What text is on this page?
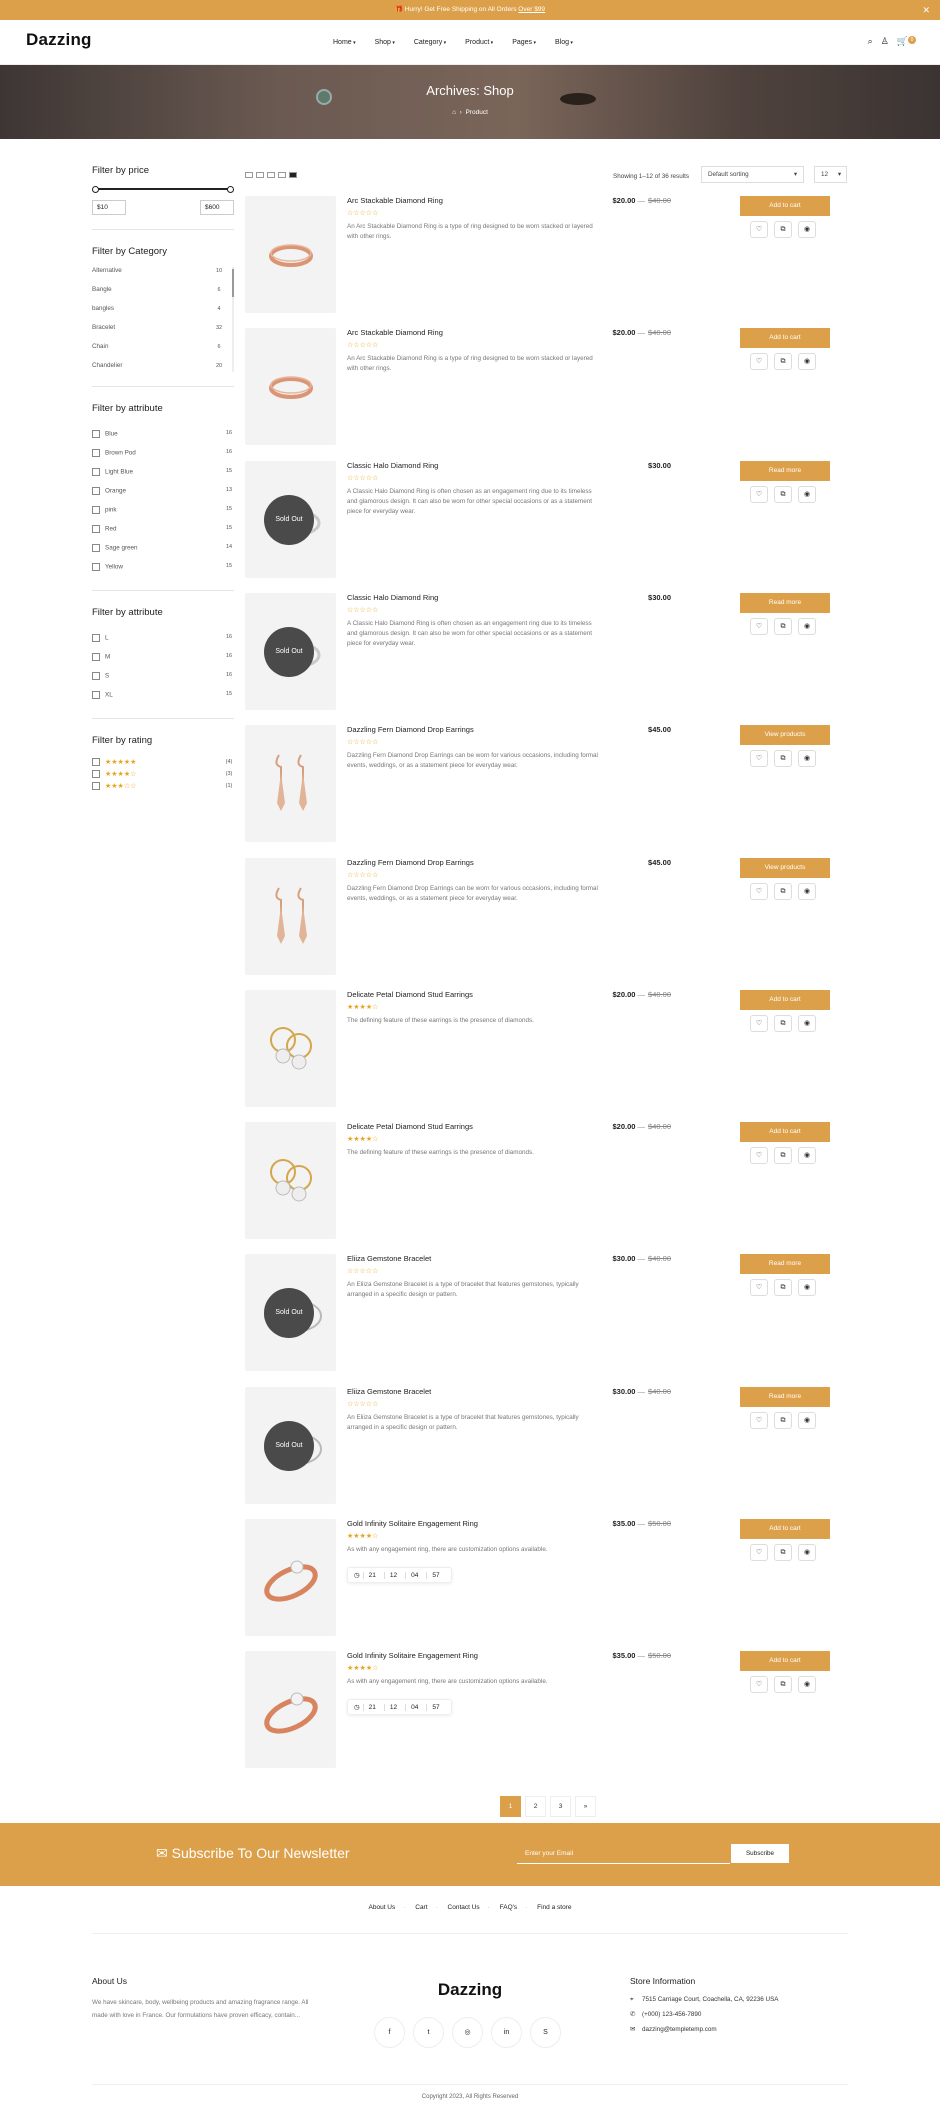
🎁 Hurry! Get Free Shipping on All Orders Over $99	✕
Dazzing	Home ▾	Shop ▾	Category ▾	Product ▾	Pages ▾	Blog ▾	⌕ ♙ 🛒 0
Archives: Shop
⌂ › Product
Filter by price
$10	$600
Filter by Category
Alternative	10
Bangle	6
bangles	4
Bracelet	32
Chain	6
Chandelier	20
Filter by attribute
Blue	16
Brown Pod	16
Light Blue	15
Orange	13
pink	15
Red	15
Sage green	14
Yellow	15
Filter by attribute
L	16
M	16
S	16
XL	15
Filter by rating
★★★★★	(4)
★★★★☆	(3)
★★★☆☆	(1)
Showing 1–12 of 36 results	Default sorting	▾	12 ▾
Arc Stackable Diamond Ring
☆☆☆☆☆
An Arc Stackable Diamond Ring is a type of ring designed to be worn stacked or layered with other rings.
$20.00 — $40.00
Add to cart
♡	⧉	◉
Arc Stackable Diamond Ring
☆☆☆☆☆
An Arc Stackable Diamond Ring is a type of ring designed to be worn stacked or layered with other rings.
$20.00 — $40.00
Add to cart
♡	⧉	◉
Sold Out
Classic Halo Diamond Ring
☆☆☆☆☆
A Classic Halo Diamond Ring is often chosen as an engagement ring due to its timeless and glamorous design. It can also be worn for other special occasions or as a statement piece for everyday wear.
$30.00
Read more
♡	⧉	◉
Sold Out
Classic Halo Diamond Ring
☆☆☆☆☆
A Classic Halo Diamond Ring is often chosen as an engagement ring due to its timeless and glamorous design. It can also be worn for other special occasions or as a statement piece for everyday wear.
$30.00
Read more
♡	⧉	◉
Dazzling Fern Diamond Drop Earrings
☆☆☆☆☆
Dazzling Fern Diamond Drop Earrings can be worn for various occasions, including formal events, weddings, or as a statement piece for everyday wear.
$45.00
View products
♡	⧉	◉
Dazzling Fern Diamond Drop Earrings
☆☆☆☆☆
Dazzling Fern Diamond Drop Earrings can be worn for various occasions, including formal events, weddings, or as a statement piece for everyday wear.
$45.00
View products
♡	⧉	◉
Delicate Petal Diamond Stud Earrings
★★★★☆
The defining feature of these earrings is the presence of diamonds.
$20.00 — $40.00
Add to cart
♡	⧉	◉
Delicate Petal Diamond Stud Earrings
★★★★☆
The defining feature of these earrings is the presence of diamonds.
$20.00 — $40.00
Add to cart
♡	⧉	◉
Sold Out
Eliiza Gemstone Bracelet
☆☆☆☆☆
An Eliiza Gemstone Bracelet is a type of bracelet that features gemstones, typically arranged in a specific design or pattern.
$30.00 — $40.00
Read more
♡	⧉	◉
Sold Out
Eliiza Gemstone Bracelet
☆☆☆☆☆
An Eliiza Gemstone Bracelet is a type of bracelet that features gemstones, typically arranged in a specific design or pattern.
$30.00 — $40.00
Read more
♡	⧉	◉
Gold Infinity Solitaire Engagement Ring
★★★★☆
As with any engagement ring, there are customization options available.
$35.00 — $50.00
Add to cart
♡	⧉	◉
◷	21	12	04	57
Gold Infinity Solitaire Engagement Ring
★★★★☆
As with any engagement ring, there are customization options available.
$35.00 — $50.00
Add to cart
♡	⧉	◉
◷	21	12	04	57
1	2	3	»
✉ Subscribe To Our Newsletter	Enter your Email	Subscribe
About Us · Cart · Contact Us · FAQ's · Find a store
About Us

We have skincare, body, wellbeing products and amazing fragrance range. All made with love in France. Our formulations have proven efficacy, contain...

Dazzing
f	t	◎	in	S
Store Information
⌖ 7515 Carriage Court, Coachella, CA, 92236 USA
✆ (+000) 123-456-7890
✉ dazzing@templetemp.com
Copyright 2023, All Rights Reserved
